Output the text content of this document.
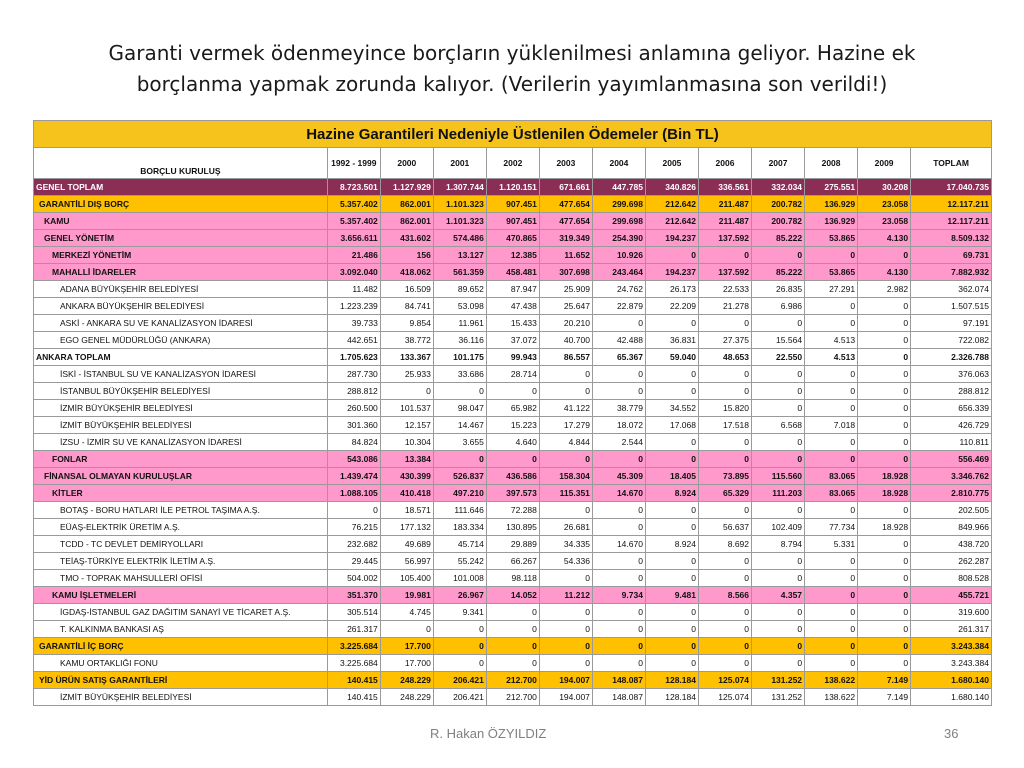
Garanti vermek ödenmeyince borçların yüklenilmesi anlamına geliyor. Hazine ek borçlanma yapmak zorunda kalıyor. (Verilerin yayımlanmasına son verildi!)
Hazine Garantileri Nedeniyle Üstlenilen Ödemeler (Bin TL)												
BORÇLU KURULUŞ	1992 - 1999	2000	2001	2002	2003	2004	2005	2006	2007	2008	2009	TOPLAM
GENEL TOPLAM	8.723.501	1.127.929	1.307.744	1.120.151	671.661	447.785	340.826	336.561	332.034	275.551	30.208	17.040.735
GARANTİLİ DIŞ BORÇ	5.357.402	862.001	1.101.323	907.451	477.654	299.698	212.642	211.487	200.782	136.929	23.058	12.117.211
KAMU	5.357.402	862.001	1.101.323	907.451	477.654	299.698	212.642	211.487	200.782	136.929	23.058	12.117.211
GENEL YÖNETİM	3.656.611	431.602	574.486	470.865	319.349	254.390	194.237	137.592	85.222	53.865	4.130	8.509.132
MERKEZİ YÖNETİM	21.486	156	13.127	12.385	11.652	10.926	0	0	0	0	0	69.731
MAHALLİ İDARELER	3.092.040	418.062	561.359	458.481	307.698	243.464	194.237	137.592	85.222	53.865	4.130	7.882.932
ADANA BÜYÜKŞEHİR BELEDİYESİ	11.482	16.509	89.652	87.947	25.909	24.762	26.173	22.533	26.835	27.291	2.982	362.074
ANKARA BÜYÜKŞEHİR BELEDİYESİ	1.223.239	84.741	53.098	47.438	25.647	22.879	22.209	21.278	6.986	0	0	1.507.515
ASKİ - ANKARA SU VE KANALİZASYON İDARESİ	39.733	9.854	11.961	15.433	20.210	0	0	0	0	0	0	97.191
EGO GENEL MÜDÜRLÜĞÜ (ANKARA)	442.651	38.772	36.116	37.072	40.700	42.488	36.831	27.375	15.564	4.513	0	722.082
ANKARA TOPLAM	1.705.623	133.367	101.175	99.943	86.557	65.367	59.040	48.653	22.550	4.513	0	2.326.788
İSKİ - İSTANBUL SU VE KANALİZASYON İDARESİ	287.730	25.933	33.686	28.714	0	0	0	0	0	0	0	376.063
İSTANBUL BÜYÜKŞEHİR BELEDİYESİ	288.812	0	0	0	0	0	0	0	0	0	0	288.812
İZMİR BÜYÜKŞEHİR BELEDİYESİ	260.500	101.537	98.047	65.982	41.122	38.779	34.552	15.820	0	0	0	656.339
İZMİT BÜYÜKŞEHİR BELEDİYESİ	301.360	12.157	14.467	15.223	17.279	18.072	17.068	17.518	6.568	7.018	0	426.729
İZSU - İZMİR SU VE KANALİZASYON İDARESİ	84.824	10.304	3.655	4.640	4.844	2.544	0	0	0	0	0	110.811
FONLAR	543.086	13.384	0	0	0	0	0	0	0	0	0	556.469
FİNANSAL OLMAYAN KURULUŞLAR	1.439.474	430.399	526.837	436.586	158.304	45.309	18.405	73.895	115.560	83.065	18.928	3.346.762
KİTLER	1.088.105	410.418	497.210	397.573	115.351	14.670	8.924	65.329	111.203	83.065	18.928	2.810.775
BOTAŞ - BORU HATLARI İLE PETROL TAŞIMA A.Ş.	0	18.571	111.646	72.288	0	0	0	0	0	0	0	202.505
EÜAŞ-ELEKTRİK ÜRETİM A.Ş.	76.215	177.132	183.334	130.895	26.681	0	0	56.637	102.409	77.734	18.928	849.966
TCDD - TC DEVLET DEMİRYOLLARI	232.682	49.689	45.714	29.889	34.335	14.670	8.924	8.692	8.794	5.331	0	438.720
TEİAŞ-TÜRKİYE ELEKTRİK İLETİM A.Ş.	29.445	56.997	55.242	66.267	54.336	0	0	0	0	0	0	262.287
TMO - TOPRAK MAHSULLERİ OFİSİ	504.002	105.400	101.008	98.118	0	0	0	0	0	0	0	808.528
KAMU İŞLETMELERİ	351.370	19.981	26.967	14.052	11.212	9.734	9.481	8.566	4.357	0	0	455.721
İGDAŞ-İSTANBUL GAZ DAĞITIM SANAYİ VE TİCARET A.Ş.	305.514	4.745	9.341	0	0	0	0	0	0	0	0	319.600
T. KALKINMA BANKASI AŞ	261.317	0	0	0	0	0	0	0	0	0	0	261.317
GARANTİLİ İÇ BORÇ	3.225.684	17.700	0	0	0	0	0	0	0	0	0	3.243.384
KAMU ORTAKLIĞI FONU	3.225.684	17.700	0	0	0	0	0	0	0	0	0	3.243.384
YİD ÜRÜN SATIŞ GARANTİLERİ	140.415	248.229	206.421	212.700	194.007	148.087	128.184	125.074	131.252	138.622	7.149	1.680.140
İZMİT BÜYÜKŞEHİR BELEDİYESİ	140.415	248.229	206.421	212.700	194.007	148.087	128.184	125.074	131.252	138.622	7.149	1.680.140
R. Hakan ÖZYILDIZ	36
